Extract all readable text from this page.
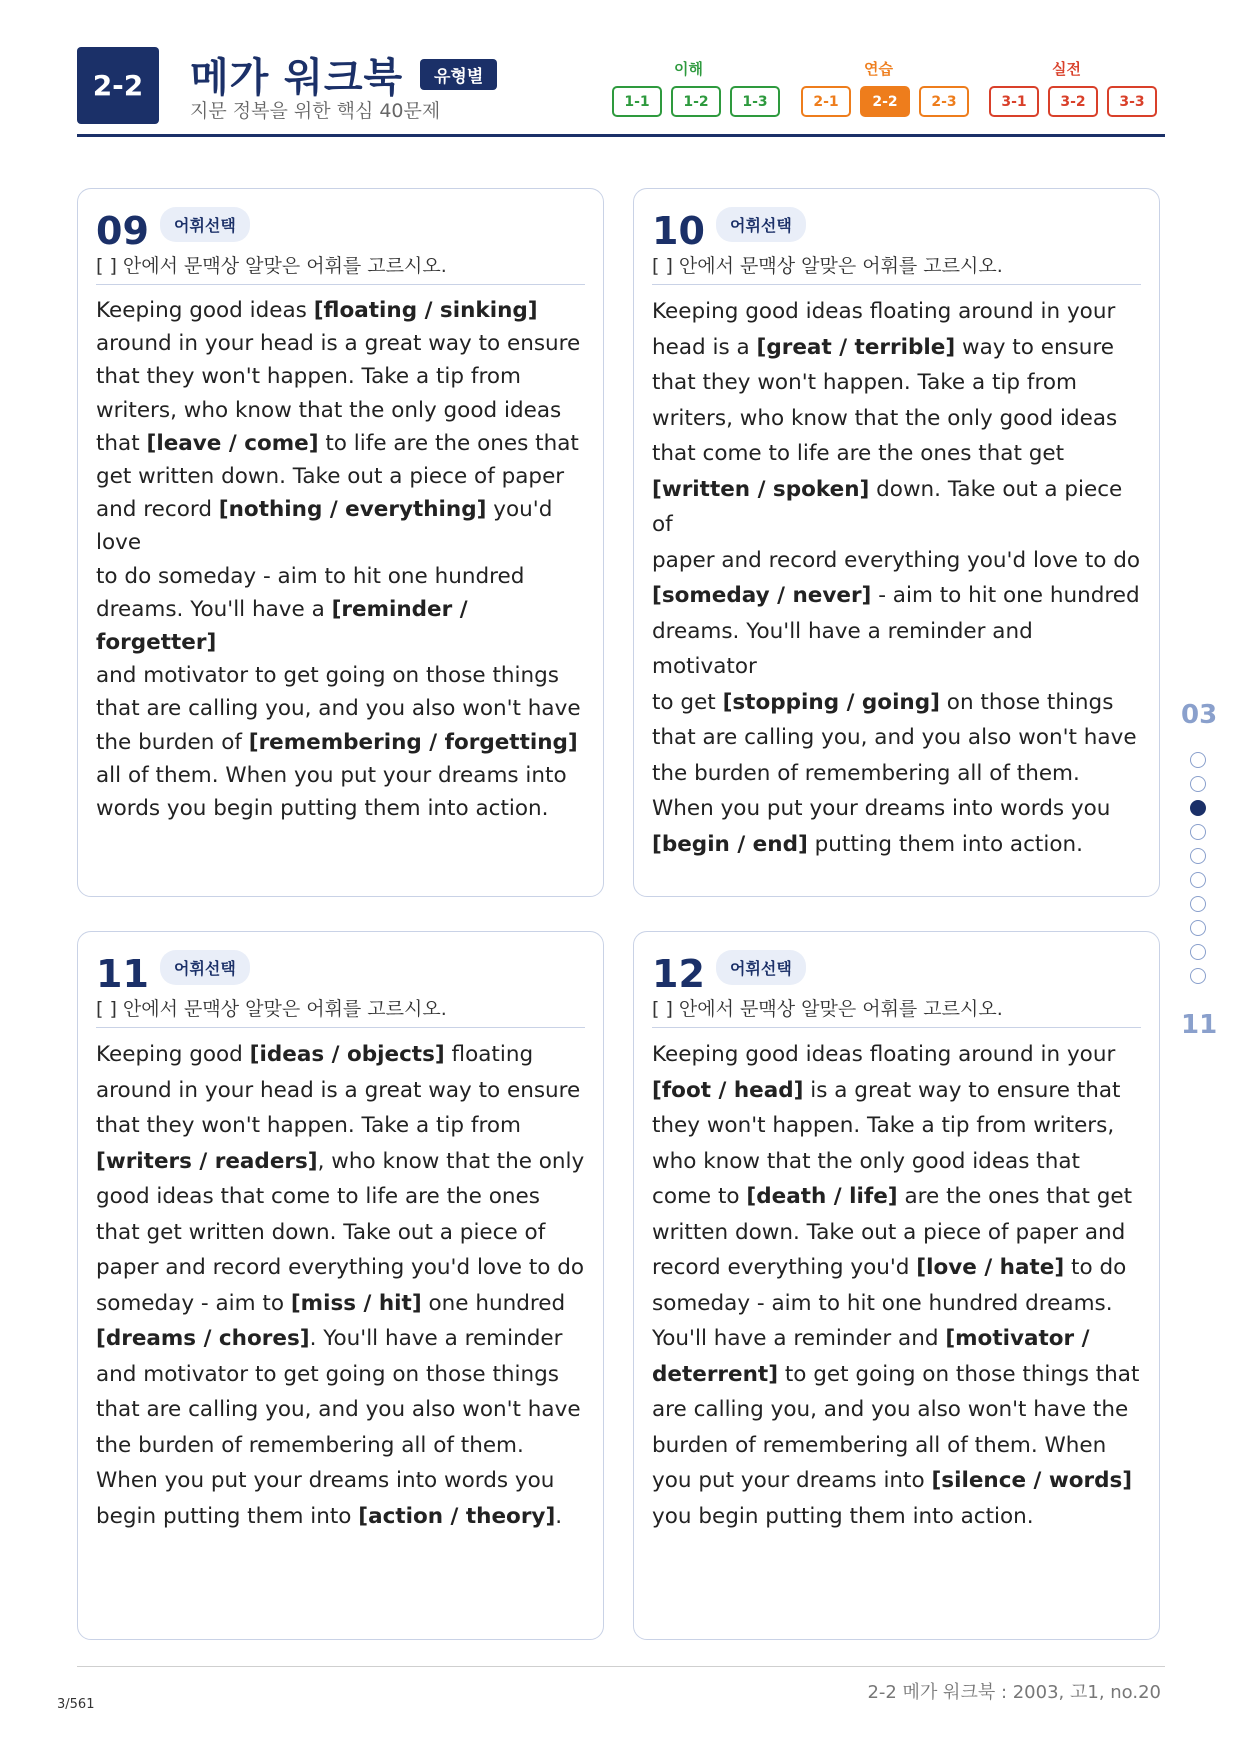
2-2	메가 워크북	유형별
지문 정복을 위한 핵심 40문제
이해	연습	실전
1-1	1-2	1-3	2-1	2-2	2-3	3-1	3-2	3-3
09	어휘선택
[ ] 안에서 문맥상 알맞은 어휘를 고르시오.
Keeping good ideas [floating / sinking]
around in your head is a great way to ensure
that they won't happen. Take a tip from
writers, who know that the only good ideas
that [leave / come] to life are the ones that
get written down. Take out a piece of paper
and record [nothing / everything] you'd love
to do someday - aim to hit one hundred
dreams. You'll have a [reminder / forgetter]
and motivator to get going on those things
that are calling you, and you also won't have
the burden of [remembering / forgetting]
all of them. When you put your dreams into
words you begin putting them into action.
10	어휘선택
[ ] 안에서 문맥상 알맞은 어휘를 고르시오.
Keeping good ideas floating around in your
head is a [great / terrible] way to ensure
that they won't happen. Take a tip from
writers, who know that the only good ideas
that come to life are the ones that get
[written / spoken] down. Take out a piece of
paper and record everything you'd love to do
[someday / never] - aim to hit one hundred
dreams. You'll have a reminder and motivator
to get [stopping / going] on those things
that are calling you, and you also won't have
the burden of remembering all of them.
When you put your dreams into words you
[begin / end] putting them into action.
11	어휘선택
[ ] 안에서 문맥상 알맞은 어휘를 고르시오.
Keeping good [ideas / objects] floating
around in your head is a great way to ensure
that they won't happen. Take a tip from
[writers / readers], who know that the only
good ideas that come to life are the ones
that get written down. Take out a piece of
paper and record everything you'd love to do
someday - aim to [miss / hit] one hundred
[dreams / chores]. You'll have a reminder
and motivator to get going on those things
that are calling you, and you also won't have
the burden of remembering all of them.
When you put your dreams into words you
begin putting them into [action / theory].
12	어휘선택
[ ] 안에서 문맥상 알맞은 어휘를 고르시오.
Keeping good ideas floating around in your
[foot / head] is a great way to ensure that
they won't happen. Take a tip from writers,
who know that the only good ideas that
come to [death / life] are the ones that get
written down. Take out a piece of paper and
record everything you'd [love / hate] to do
someday - aim to hit one hundred dreams.
You'll have a reminder and [motivator /
deterrent] to get going on those things that
are calling you, and you also won't have the
burden of remembering all of them. When
you put your dreams into [silence / words]
you begin putting them into action.
03
11
2-2 메가 워크북 : 2003, 고1, no.20
3/561
